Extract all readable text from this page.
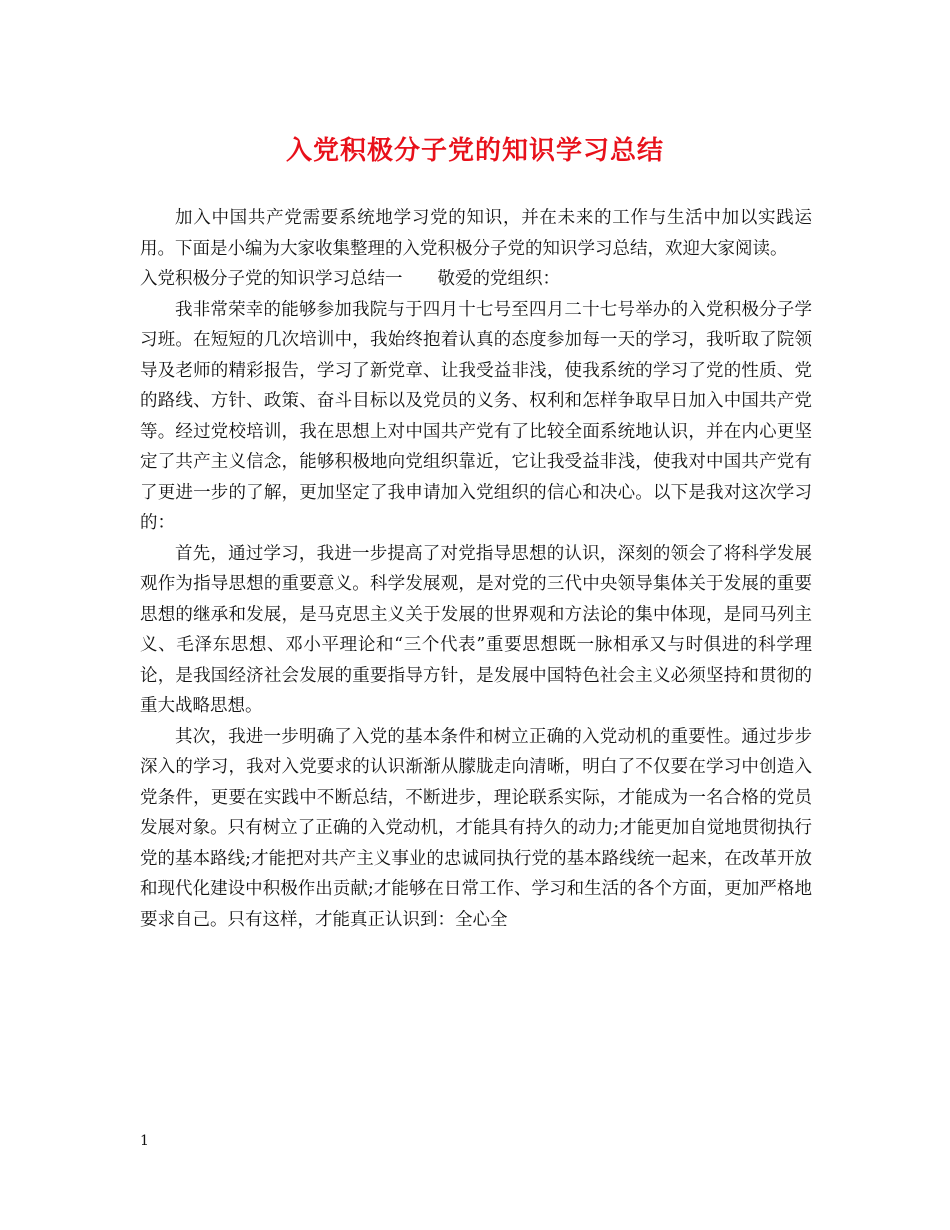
入党积极分子党的知识学习总结

加入中国共产党需要系统地学习党的知识，并在未来的工作与生活中加以实践运用。下面是小编为大家收集整理的入党积极分子党的知识学习总结，欢迎大家阅读。

入党积极分子党的知识学习总结一　　敬爱的党组织：

我非常荣幸的能够参加我院与于四月十七号至四月二十七号举办的入党积极分子学习班。在短短的几次培训中，我始终抱着认真的态度参加每一天的学习，我听取了院领导及老师的精彩报告，学习了新党章、让我受益非浅，使我系统的学习了党的性质、党的路线、方针、政策、奋斗目标以及党员的义务、权利和怎样争取早日加入中国共产党等。经过党校培训，我在思想上对中国共产党有了比较全面系统地认识，并在内心更坚定了共产主义信念，能够积极地向党组织靠近，它让我受益非浅，使我对中国共产党有了更进一步的了解，更加坚定了我申请加入党组织的信心和决心。以下是我对这次学习的：

首先，通过学习，我进一步提高了对党指导思想的认识，深刻的领会了将科学发展观作为指导思想的重要意义。科学发展观，是对党的三代中央领导集体关于发展的重要思想的继承和发展，是马克思主义关于发展的世界观和方法论的集中体现，是同马列主义、毛泽东思想、邓小平理论和“三个代表”重要思想既一脉相承又与时俱进的科学理论，是我国经济社会发展的重要指导方针，是发展中国特色社会主义必须坚持和贯彻的重大战略思想。

其次，我进一步明确了入党的基本条件和树立正确的入党动机的重要性。通过步步深入的学习，我对入党要求的认识渐渐从朦胧走向清晰，明白了不仅要在学习中创造入党条件，更要在实践中不断总结，不断进步，理论联系实际，才能成为一名合格的党员发展对象。只有树立了正确的入党动机，才能具有持久的动力;才能更加自觉地贯彻执行党的基本路线;才能把对共产主义事业的忠诚同执行党的基本路线统一起来，在改革开放和现代化建设中积极作出贡献;才能够在日常工作、学习和生活的各个方面，更加严格地要求自己。只有这样，才能真正认识到：全心全

1
